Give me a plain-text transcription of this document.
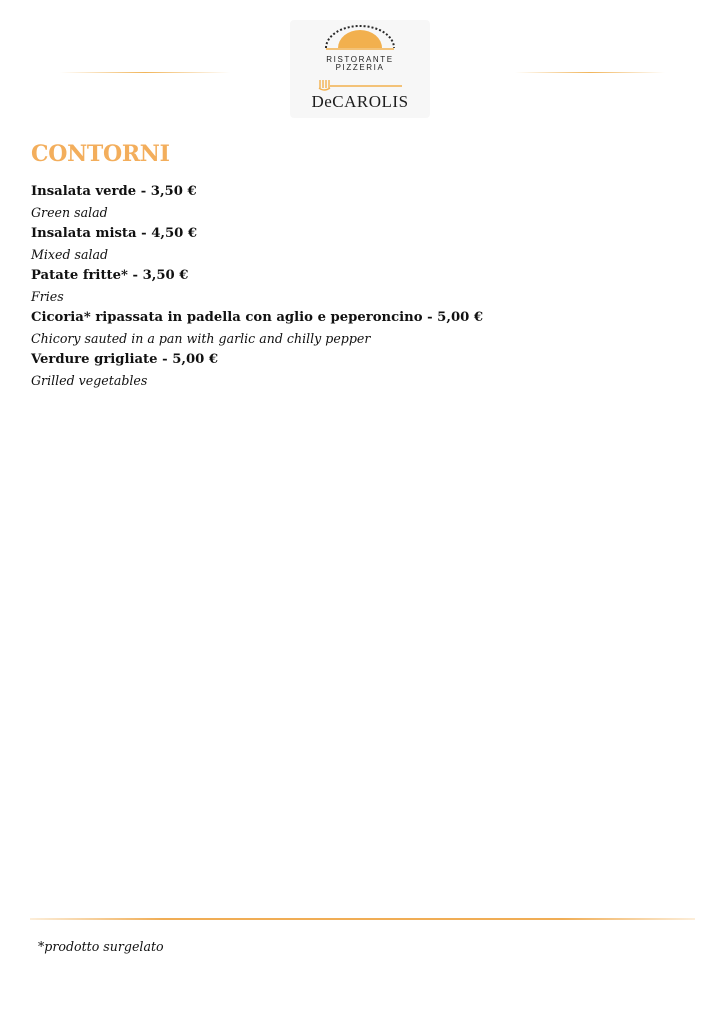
RISTORANTE
PIZZERIA
DeCAROLIS
CONTORNI
Insalata verde - 3,50 €
Green salad
Insalata mista - 4,50 €
Mixed salad
Patate fritte* - 3,50 €
Fries
Cicoria* ripassata in padella con aglio e peperoncino - 5,00 €
Chicory sauted in a pan with garlic and chilly pepper
Verdure grigliate - 5,00 €
Grilled vegetables
*prodotto surgelato
